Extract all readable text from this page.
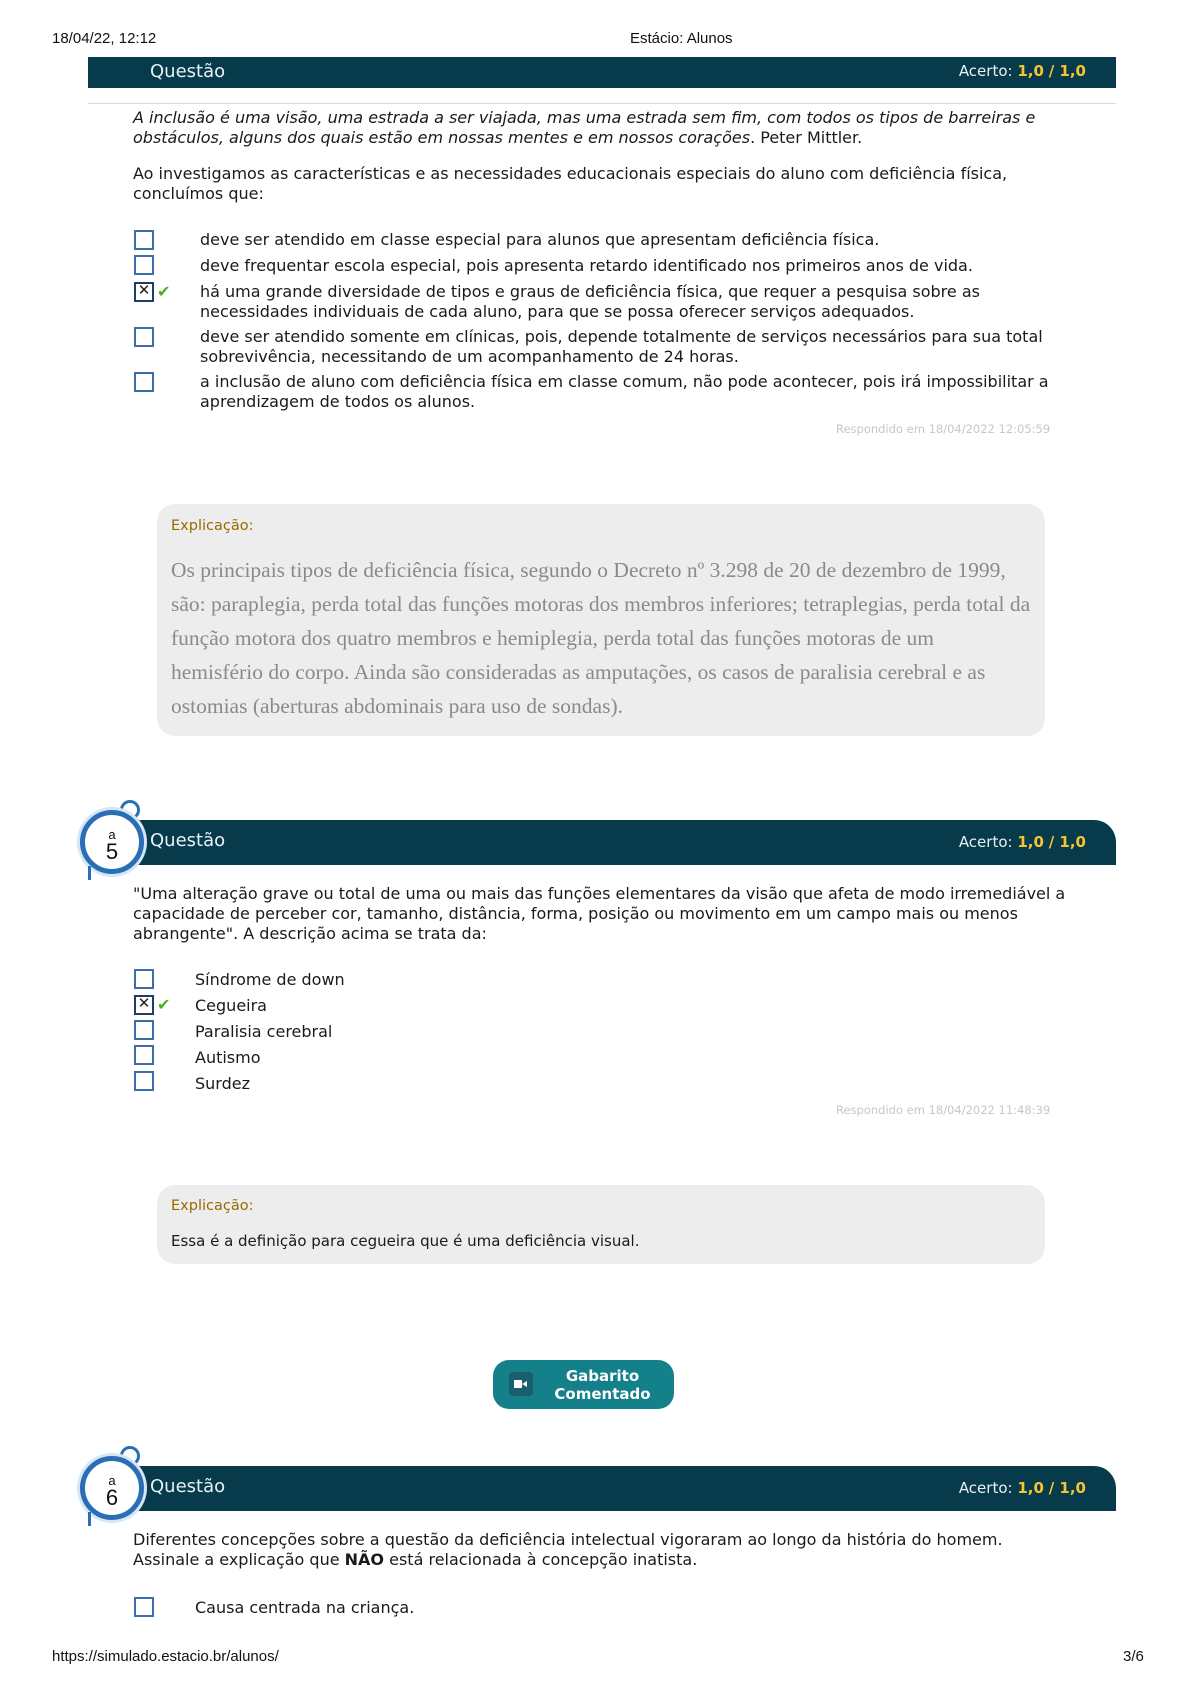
18/04/22, 12:12	Estácio: Alunos
Questão	Acerto: 1,0 / 1,0
A inclusão é uma visão, uma estrada a ser viajada, mas uma estrada sem fim, com todos os tipos de barreiras e obstáculos, alguns dos quais estão em nossas mentes e em nossos corações. Peter Mittler.
Ao investigamos as características e as necessidades educacionais especiais do aluno com deficiência física, concluímos que:
deve ser atendido em classe especial para alunos que apresentam deficiência física.
deve frequentar escola especial, pois apresenta retardo identificado nos primeiros anos de vida.
✕ ✔ há uma grande diversidade de tipos e graus de deficiência física, que requer a pesquisa sobre as necessidades individuais de cada aluno, para que se possa oferecer serviços adequados.
deve ser atendido somente em clínicas, pois, depende totalmente de serviços necessários para sua total sobrevivência, necessitando de um acompanhamento de 24 horas.
a inclusão de aluno com deficiência física em classe comum, não pode acontecer, pois irá impossibilitar a aprendizagem de todos os alunos.
Respondido em 18/04/2022 12:05:59
Explicação:
Os principais tipos de deficiência física, segundo o Decreto nº 3.298 de 20 de dezembro de 1999, são: paraplegia, perda total das funções motoras dos membros inferiores; tetraplegias, perda total da função motora dos quatro membros e hemiplegia, perda total das funções motoras de um hemisfério do corpo. Ainda são consideradas as amputações, os casos de paralisia cerebral e as ostomias (aberturas abdominais para uso de sondas).
Questão	Acerto: 1,0 / 1,0
5
$^a$
"Uma alteração grave ou total de uma ou mais das funções elementares da visão que afeta de modo irremediável a capacidade de perceber cor, tamanho, distância, forma, posição ou movimento em um campo mais ou menos abrangente". A descrição acima se trata da:
Síndrome de down
✕ ✔ Cegueira
Paralisia cerebral
Autismo
Surdez
Respondido em 18/04/2022 11:48:39
Explicação:
Essa é a definição para cegueira que é uma deficiência visual.
Gabarito
Comentado
Questão	Acerto: 1,0 / 1,0
6
$^a$
Diferentes concepções sobre a questão da deficiência intelectual vigoraram ao longo da história do homem. Assinale a explicação que NÃO está relacionada à concepção inatista.
Causa centrada na criança.
https://simulado.estacio.br/alunos/	3/6
